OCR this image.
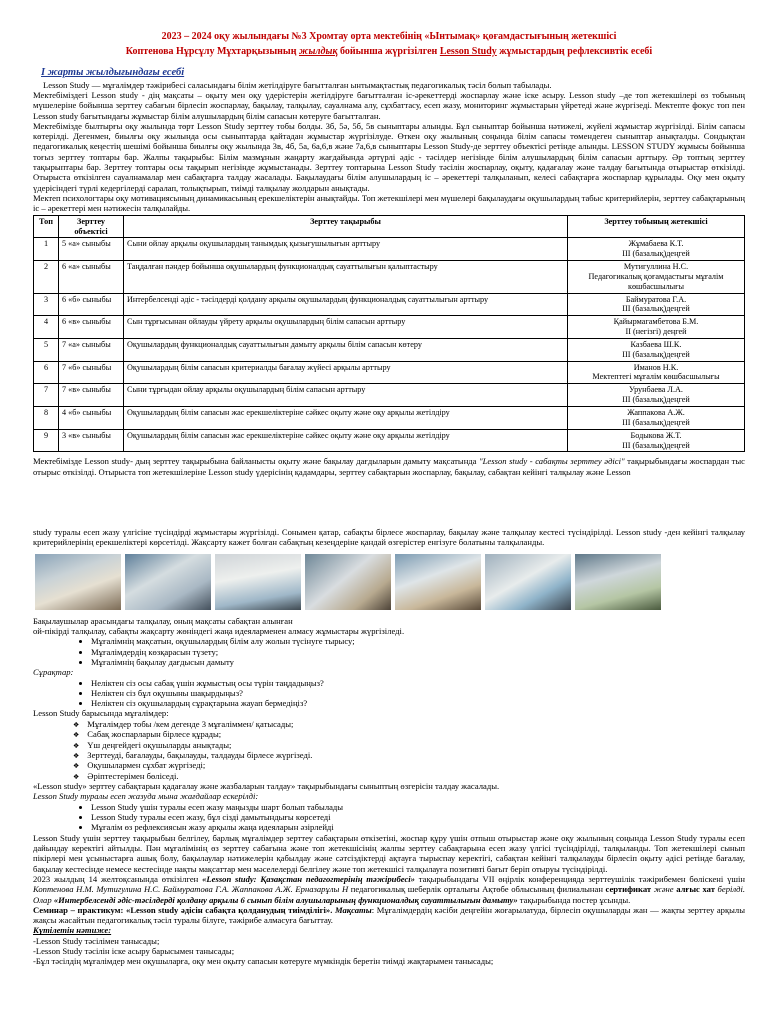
2023 – 2024 оқу жылындағы №3 Хромтау орта мектебінің «Ынтымақ» қоғамдастығының жетекшісі
Коптенова Нұрсұлу Мұхтарқызының жылдық бойынша жүргізілген Lesson Study жұмыстардың рефлексивтік есебі
I жарты жылдығындағы есебі

Lesson Study — мұғалімдер тәжірибесі саласындағы білім жетілдіруге бағытталған ынтымақтастық педагогикалық тәсіл болып табылады.

Мектебіміздегі Lesson study - дің мақсаты – оқыту мен оқу үдерістерін жетілдіруге бағытталған іс-әрекеттерді жоспарлау және іске асыру. Lesson study –де топ жетекшілері өз тобының мүшелеріне бойынша зерттеу сабағын бірлесіп жоспарлау, бақылау, талқылау, сауалнама алу, сұхбаттасу, есеп жазу, мониторинг жұмыстарын үйретеді және жүргізеді. Мектепте фокус топ пен Lesson study бағытындағы жұмыстар білім алушылардың білім сапасын көтеруге бағытталған.

Мектебімізде былтырғы оқу жылында төрт Lesson Study зерттеу тобы болды. 3б, 5ә, 5б, 5в сыныптары алынды. Бұл сыныптар бойынша нәтижелі, жүйелі жұмыстар жүргізілді. Білім сапасы көтерілді. Дегенмен, биылғы оқу жылында осы сыныптарда қайтадан жұмыстар жүргізілуде. Өткен оқу жылының соңында білім сапасы төмендеген сыныптар анықталды. Сондықтан педагогикалық кеңестің шешімі бойынша биылғы оқу жылында 3в, 4б, 5а, 6а,6,в және 7а,6,в сыныптары Lesson Study-де зерттеу объектісі ретінде алынды. LESSON STUDY жұмысы бойынша тоғыз зерттеу топтары бар. Жалпы тақырыбы: Білім мазмұнын жаңарту жағдайында әртүрлі әдіс - тәсілдер негізінде білім алушылардың білім сапасын арттыру. Әр топтың зерттеу тақырыптары бар. Зерттеу топтары осы тақырып негізінде жұмыстанады. Зерттеу топтарына Lesson Study тәсілін жоспарлау, оқыту, қадағалау және талдау бағытында отырыстар өткізілді. Отырыста өткізілген сауалнамалар мен сабақтарға талдау жасалады. Бақылаудағы білім алушылардың іс – әрекеттері талқыланып, келесі сабақтарға жоспарлар құрылады. Оқу мен оқыту үдерісіндегі түрлі кедергілерді саралап, толықтырып, тиімді талқылау жолдарын анықтады.

Мектеп психологтары оқу мотивациясының динамикасының ерекшеліктерін анықтайды. Топ жетекшілері мен мүшелері бақылаудағы оқушылардың табыс критерийлерін, зерттеу сабақтарының іс – әрекеттері мен нәтижесін талқылайды.

Топ	Зерттеу объектісі	Зерттеу тақырыбы	Зерттеу тобының жетекшісі
1	5 «а» сыныбы	Сыни ойлау арқылы оқушылардың танымдық қызығушылығын арттыру	Жұмабаева К.Т.
ІІІ (базалық)деңгей

2	6 «а» сыныбы	Таңдалған пәндер бойынша оқушылардың функционалдық сауаттылығын қалыптастыру	Мутигуллина Н.С.
Педагогикалық қоғамдастығы мұғалім көшбасшылығы

3	6 «б» сыныбы	Интербелсенді әдіс - тәсілдерді қолдану арқылы оқушылардың функционалдық сауаттылығын арттыру	Баймуратова Г.А.
ІІІ (базалық)деңгей

4	6 «в» сыныбы	Сын тұрғысынан ойлауды үйрету арқылы оқушылардың білім сапасын арттыру	Қайырмагамбетова Б.М.
ІІ (негізгі) деңгей

5	7 «а» сыныбы	Оқушылардың функционалдық сауаттылығын дамыту арқылы білім сапасын көтеру	Казбаева Ш.К.
ІІІ (базалық)деңгей

6	7 «б» сыныбы	Оқушылардың білім сапасын критериалды бағалау жүйесі арқылы арттыру	Иманов Н.К.
Мектептегі мұғалім көшбасшылығы

7	7 «в» сыныбы	Сыни тұрғыдан ойлау арқылы оқушылардың білім сапасын арттыру	Урунбаева Л.А.
ІІІ (базалық)деңгей

8	4 «б» сыныбы	Оқушылардың білім сапасын жас ерекшеліктеріне сәйкес оқыту және оқу арқылы жетілдіру	Жаппакова А.Ж.
ІІІ (базалық)деңгей

9	3 «в» сыныбы	Оқушылардың білім сапасын жас ерекшеліктеріне сәйкес оқыту және оқу арқылы жетілдіру	Бодыкова Ж.Т.
ІІІ (базалық)деңгей

Мектебімізде Lesson study- дың зерттеу тақырыбына байланысты оқыту және бақылау дағдыларын дамыту мақсатында "Lesson study - сабақты зерттеу әдісі" тақырыбындағы жоспардан тыс отырыс өткізілді. Отырыста топ жетекшілеріне Lesson study үдерісінің қадамдары, зерттеу сабақтарын жоспарлау, бақылау, сабақтан кейінгі талқылау және Lesson

study туралы есеп жазу үлгісіне түсіндірді жұмыстары жүргізілді. Сонымен қатар, сабақты бірлесе жоспарлау, бақылау және талқылау кестесі түсіндірілді. Lesson study -ден кейінгі талқылау критерийлерінің ерекшеліктері көрсетілді. Жақсарту кажет болған сабақтың кезеңдеріне қандай өзгерістер енгізуге болатыны талқыланды.

Бақылаушылар арасындағы талқылау, оның мақсаты сабақтан алынған

ой-пікірді талқылау, сабақты жақсарту жөніндегі жаңа идеяларменен алмасу жұмыстары жүргізіледі.

• Мұғалімнің мақсатын, оқушылардың білім алу жолын түсінуге тырысу;
• Мұғалімдердің көзқарасын түзету;
• Мұғалімнің бақылау дағдысын дамыту

Сұрақтар:

• Неліктен сіз осы сабақ үшін жұмыстың осы түрін таңдадыңыз?
• Неліктен сіз бұл оқушыны шақырдыңыз?
• Неліктен сіз оқушылардың сұрақтарына жауап бермедіңіз?

Lesson Study барысында мұғалімдер:

❖ Мұғалімдер тобы /кем дегенде 3 мұғаліммен/ қатысады;
❖ Сабақ жоспарларын бірлесе құрады;
❖ Үш деңгейдегі оқушыларды анықтады;
❖ Зерттеуді, бағалауды, бақылауды, талдауды бірлесе жүргізеді.
❖ Оқушылармен сұхбат жүргізеді;
❖ Әріптестерімен бөліседі.

«Lesson study» зерттеу сабақтарын қадағалау және жазбаларын талдау» тақырыбындағы сыныптың өзгерісін талдау жасалады.

Lesson Study туралы есеп жазуда мына жағдайлар ескерілді:

• Lesson Study үшін туралы есеп жазу маңызды шарт болып табылады
• Lesson Study туралы есеп жазу, бұл сізді дамытындығы көрсетеді
• Мұғалім өз рефлексиясын жазу арқылы жаңа идеяларын әзірлейді

Lesson Study үшін зерттеу тақырыбын белгілеу, барлық мұғалімдер зерттеу сабақтарын өткізетіні, жоспар құру үшін отпыш отырыстар және оқу жылының соңында Lesson Study туралы есеп дайындау керектігі айтылды. Пән мұғалімінің өз зерттеу сабағына және топ жетекшісінің жалпы зерттеу сабақтарына есеп жазу үлгісі түсіндірілді, талқыланды. Топ жетекшілері сынып пікірлері мен ұсыныстарға ашық болу, бақылаулар нәтижелерін қабылдау және сәтсіздіктерді ақтауға тырыспау керектігі, сабақтан кейінгі талқылауды бірлесіп оқыту әдісі ретінде бағалау, бақылау кестесінде немесе кестесінде нақты мақсаттар мен мәселелерді белгілеу және топ жетекшісі талқылауға позитивті бағыт беріп отыруы түсіндірілді.

2023 жылдың 14 желтоқсанында өткізілген «Lesson study: Қазақстан педагогтерінің тәжірибесі» тақырыбындағы VII өңірлік конференцияда зерттеушілік тәжірибемен бөліскені үшін Коптенова Н.М. Мутигулина Н.С. Баймуратова Г.А. Жаппакова А.Ж. Ерназарұлы Н педагогикалық шеберлік орталығы Ақтөбе облысының филиалынан сертификат және алғыс хат берілді. Олар «Интербелсенді әдіс-тәсілдерді қолдану арқылы 6 сынып білім алушыларының функционалдық сауаттылығын дамыту» тақырыбында постер ұсынды.

Семинар – практикум: «Lesson study әдісін сабақта қолданудың тиімділігі». Мақсаты: Мұғалімдердің кәсіби деңгейін жоғарылатуда, бірлесіп оқушыларды жан — жақты зерттеу арқылы жақсы жасайтын педагогикалық тәсіл туралы білуге, тәжірибе алмасуға бағыттау.

Күтілетін нәтиже:

-Lesson Study тәсілімен танысады;

-Lesson Study тәсілін іске асыру барысымен танысады;

-Бұл тәсілдің мұғалімдер мен оқушыларға, оқу мен оқыту сапасын көтеруге мүмкіндік беретін тиімді жақтарымен танысады;
